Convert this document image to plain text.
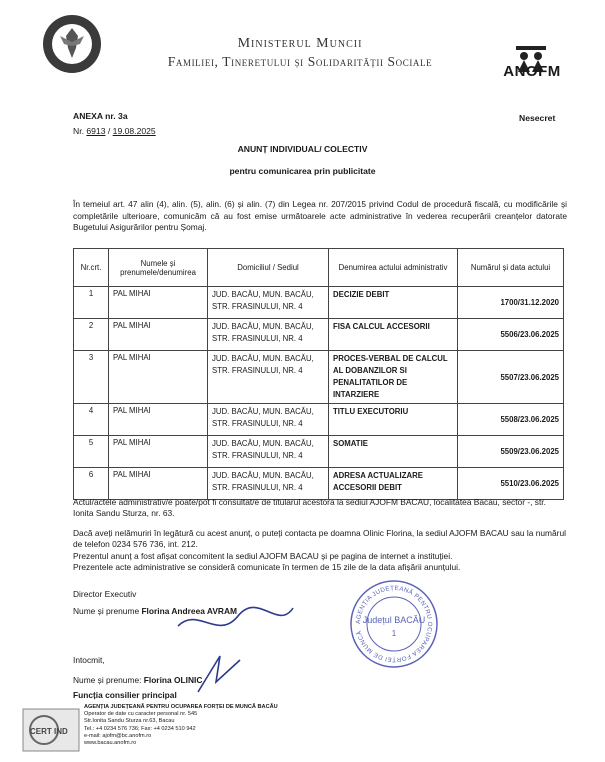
Ministerul Muncii
Familiei, Tineretului și Solidarității Sociale
ANOFM
ANEXA nr. 3a	Nesecret
Nr. 6913 / 19.08.2025
ANUNȚ INDIVIDUAL/ COLECTIV
pentru comunicarea prin publicitate
În temeiul art. 47 alin (4), alin. (5), alin. (6) și alin. (7) din Legea nr. 207/2015 privind Codul de procedură fiscală, cu modificările și completările ulterioare, comunicăm că au fost emise următoarele acte administrative în vederea recuperării creanțelor datorate Bugetului Asigurărilor pentru Șomaj.
Nr.crt.	Numele și prenumele/denumirea	Domiciliul / Sediul	Denumirea actului administrativ	Numărul și data actului
1	PAL MIHAI	JUD. BACĂU, MUN. BACĂU, STR. FRASINULUI, NR. 4	DECIZIE DEBIT	1700/31.12.2020
2	PAL MIHAI	JUD. BACĂU, MUN. BACĂU, STR. FRASINULUI, NR. 4	FISA CALCUL ACCESORII	5506/23.06.2025
3	PAL MIHAI	JUD. BACĂU, MUN. BACĂU, STR. FRASINULUI, NR. 4	PROCES-VERBAL DE CALCUL AL DOBANZILOR SI PENALITATILOR DE INTARZIERE	5507/23.06.2025
4	PAL MIHAI	JUD. BACĂU, MUN. BACĂU, STR. FRASINULUI, NR. 4	TITLU EXECUTORIU	5508/23.06.2025
5	PAL MIHAI	JUD. BACĂU, MUN. BACĂU, STR. FRASINULUI, NR. 4	SOMATIE	5509/23.06.2025
6	PAL MIHAI	JUD. BACĂU, MUN. BACĂU, STR. FRASINULUI, NR. 4	ADRESA ACTUALIZARE ACCESORII DEBIT	5510/23.06.2025
Actul/actele administrativ/e poate/pot fi consultat/e de titularul acestora la sediul AJOFM BACAU, localitatea Bacau, sector -, str. Ionita Sandu Sturza, nr. 63.
Dacă aveți nelămuriri în legătură cu acest anunț, o puteți contacta pe doamna Olinic Florina, la sediul AJOFM BACAU sau la numărul de telefon 0234 576 736, int. 212.
Prezentul anunț a fost afișat concomitent la sediul AJOFM BACAU și pe pagina de internet a instituției.
Prezentele acte administrative se consideră comunicate în termen de 15 zile de la data afișării anunțului.
Director Executiv
Nume și prenume Florina Andreea AVRAM
AGENȚIA JUDEȚEANĂ PENTRU OCUPAREA FORȚEI DE MUNCĂ
Județul BACĂU
1
Intocmit,
Nume și prenume: Florina OLINIC
Funcția consilier principal
CERT IND
AGENȚIA JUDEȚEANĂ PENTRU OCUPAREA FORȚEI DE MUNCĂ BACĂU
Operator de date cu caracter personal nr. 545
Str.Ionita Sandu Sturza nr.63, Bacau
Tel.: +4 0234 576 736; Fax: +4 0234 510 942
e-mail: ajofm@bc.anofm.ro
www.bacau.anofm.ro
